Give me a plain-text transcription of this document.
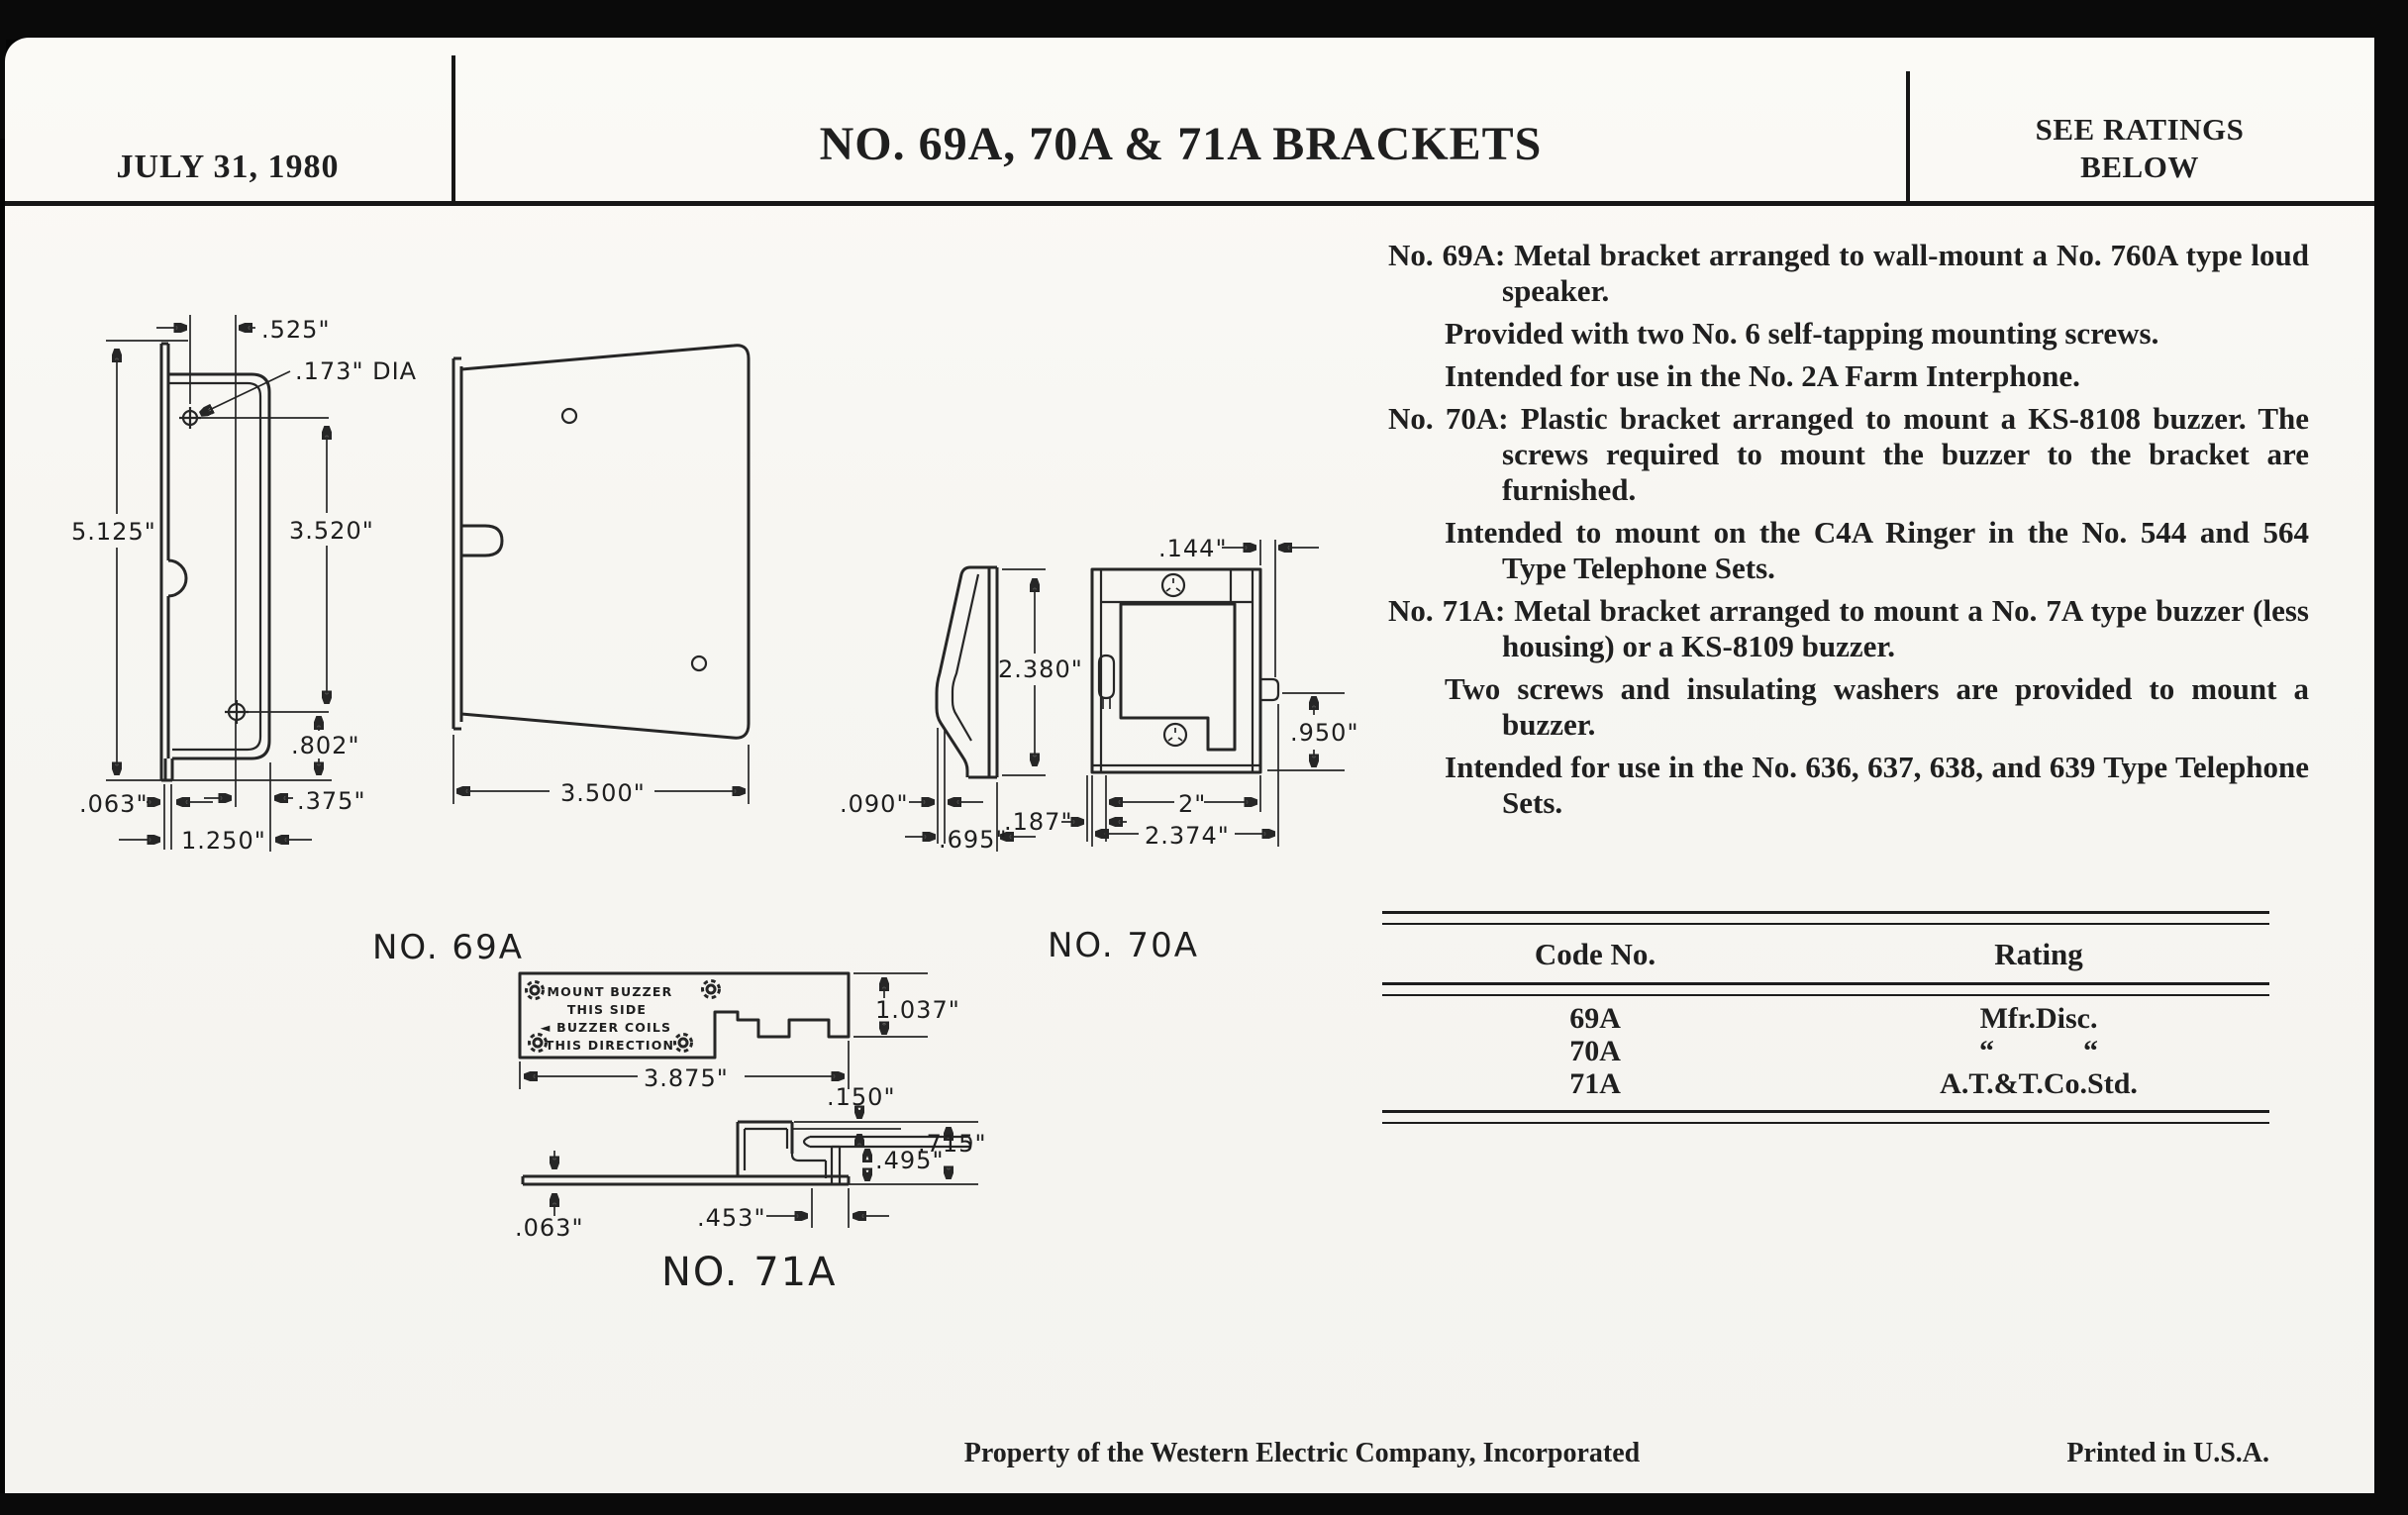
JULY 31, 1980	NO. 69A, 70A & 71A BRACKETS	SEE RATINGS
BELOW

No. 69A: Metal bracket arranged to wall-mount a No. 760A type loud speaker.

Provided with two No. 6 self-tapping mounting screws.

Intended for use in the No. 2A Farm Interphone.

No. 70A: Plastic bracket arranged to mount a KS-8108 buzzer. The screws required to mount the buzzer to the bracket are furnished.

Intended to mount on the C4A Ringer in the No. 544 and 564 Type Telephone Sets.

No. 71A: Metal bracket arranged to mount a No. 7A type buzzer (less housing) or a KS-8109 buzzer.

Two screws and insulating washers are provided to mount a buzzer.

Intended for use in the No. 636, 637, 638, and 639 Type Telephone Sets.

Code No.	Rating
69A	Mfr.Disc.
70A	“            “
71A	A.T.&T.Co.Std.
Property of the Western Electric Company, Incorporated	Printed in U.S.A.
5.125"
.525"
.173" DIA
3.520"
.802"
.063"	.375"
1.250"
NO. 69A
3.500"
2.380"
.090"
.695"
NO. 70A
.144"
.950"
2"
2.374"
.187"
MOUNT BUZZER
THIS SIDE
◄ BUZZER COILS
THIS DIRECTION
1.037"
3.875"
.150"
.495"
.715"
.063"	.453"
NO. 71A
